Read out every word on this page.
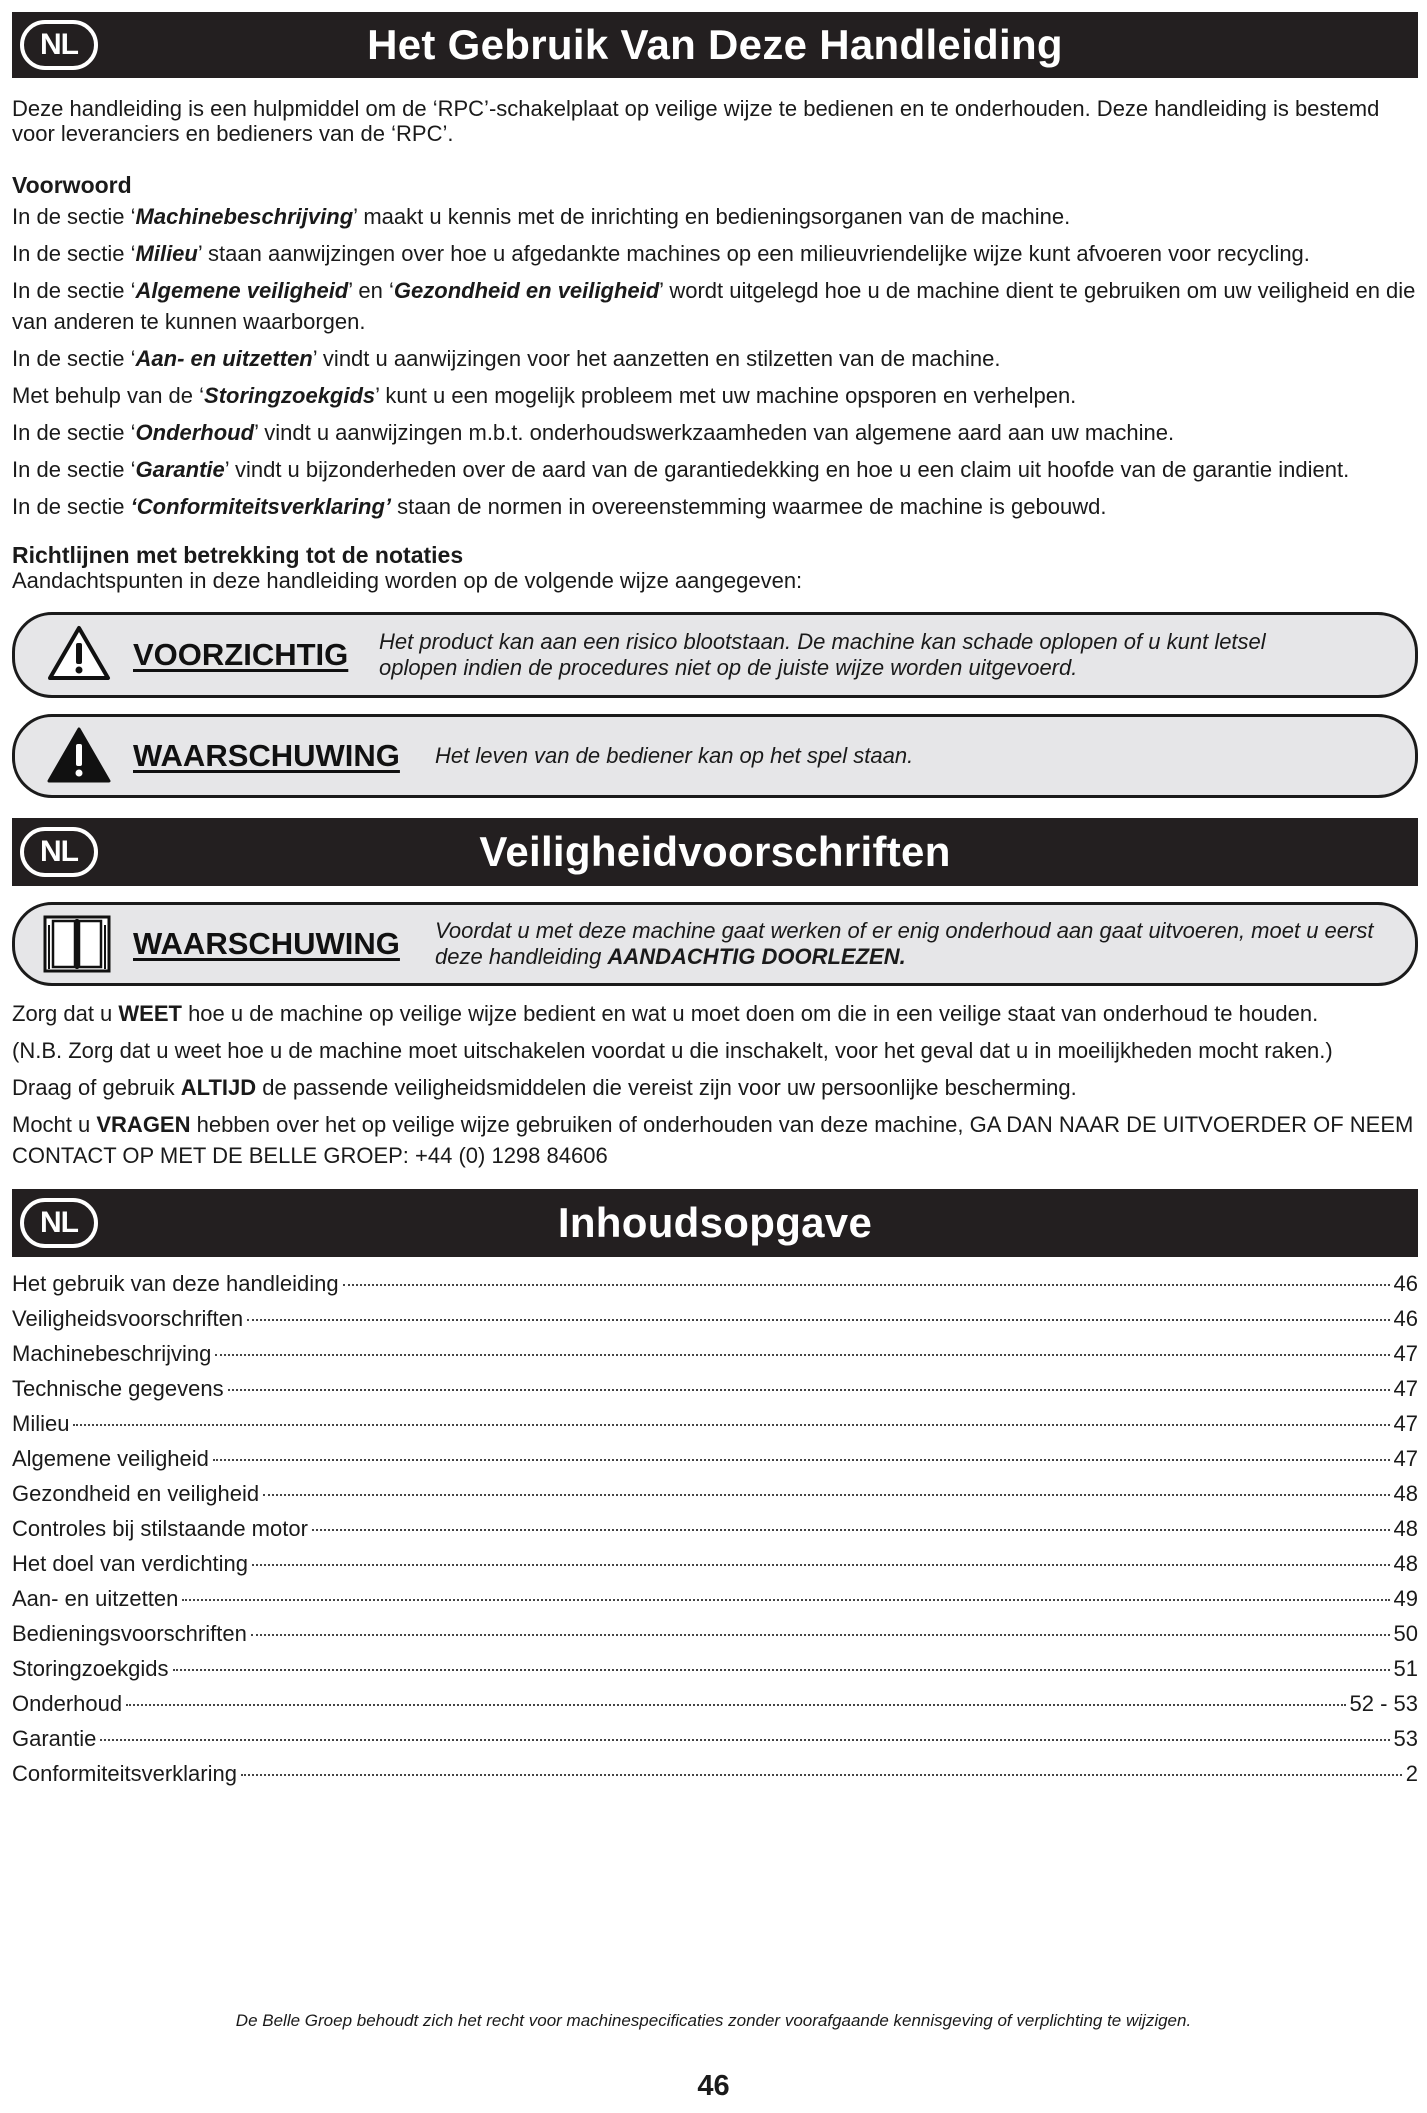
NL	Het Gebruik Van Deze Handleiding

Deze handleiding is een hulpmiddel om de ‘RPC’-schakelplaat op veilige wijze te bedienen en te onderhouden. Deze handleiding is bestemd voor leveranciers en bedieners van de ‘RPC’.

Voorwoord

In de sectie ‘Machinebeschrijving’ maakt u kennis met de inrichting en bedieningsorganen van de machine.

In de sectie ‘Milieu’ staan aanwijzingen over hoe u afgedankte machines op een milieuvriendelijke wijze kunt afvoeren voor recycling.

In de sectie ‘Algemene veiligheid’ en ‘Gezondheid en veiligheid’ wordt uitgelegd hoe u de machine dient te gebruiken om uw veiligheid en die van anderen te kunnen waarborgen.

In de sectie ‘Aan- en uitzetten’ vindt u aanwijzingen voor het aanzetten en stilzetten van de machine.

Met behulp van de ‘Storingzoekgids’ kunt u een mogelijk probleem met uw machine opsporen en verhelpen.

In de sectie ‘Onderhoud’ vindt u aanwijzingen m.b.t. onderhoudswerkzaamheden van algemene aard aan uw machine.

In de sectie ‘Garantie’ vindt u bijzonderheden over de aard van de garantiedekking en hoe u een claim uit hoofde van de garantie indient.

In de sectie ‘Conformiteitsverklaring’ staan de normen in overeenstemming waarmee de machine is gebouwd.

Richtlijnen met betrekking tot de notaties

Aandachtspunten in deze handleiding worden op de volgende wijze aangegeven:

VOORZICHTIG Het product kan aan een risico blootstaan. De machine kan schade oplopen of u kunt letsel oplopen indien de procedures niet op de juiste wijze worden uitgevoerd.
WAARSCHUWING Het leven van de bediener kan op het spel staan.
NL	Veiligheidvoorschriften
WAARSCHUWING Voordat u met deze machine gaat werken of er enig onderhoud aan gaat uitvoeren, moet u eerst deze handleiding AANDACHTIG DOORLEZEN.

Zorg dat u WEET hoe u de machine op veilige wijze bedient en wat u moet doen om die in een veilige staat van onderhoud te houden.

(N.B. Zorg dat u weet hoe u de machine moet uitschakelen voordat u die inschakelt, voor het geval dat u in moeilijkheden mocht raken.)

Draag of gebruik ALTIJD de passende veiligheidsmiddelen die vereist zijn voor uw persoonlijke bescherming.

Mocht u VRAGEN hebben over het op veilige wijze gebruiken of onderhouden van deze machine, GA DAN NAAR DE UITVOERDER OF NEEM CONTACT OP MET DE BELLE GROEP: +44 (0) 1298 84606

NL	Inhoudsopgave
Het gebruik van deze handleiding	46
Veiligheidsvoorschriften	46
Machinebeschrijving	47
Technische gegevens	47
Milieu	47
Algemene veiligheid	47
Gezondheid en veiligheid	48
Controles bij stilstaande motor	48
Het doel van verdichting	48
Aan- en uitzetten	49
Bedieningsvoorschriften	50
Storingzoekgids	51
Onderhoud	52 - 53
Garantie	53
Conformiteitsverklaring	2
De Belle Groep behoudt zich het recht voor machinespecificaties zonder voorafgaande kennisgeving of verplichting te wijzigen.
46
